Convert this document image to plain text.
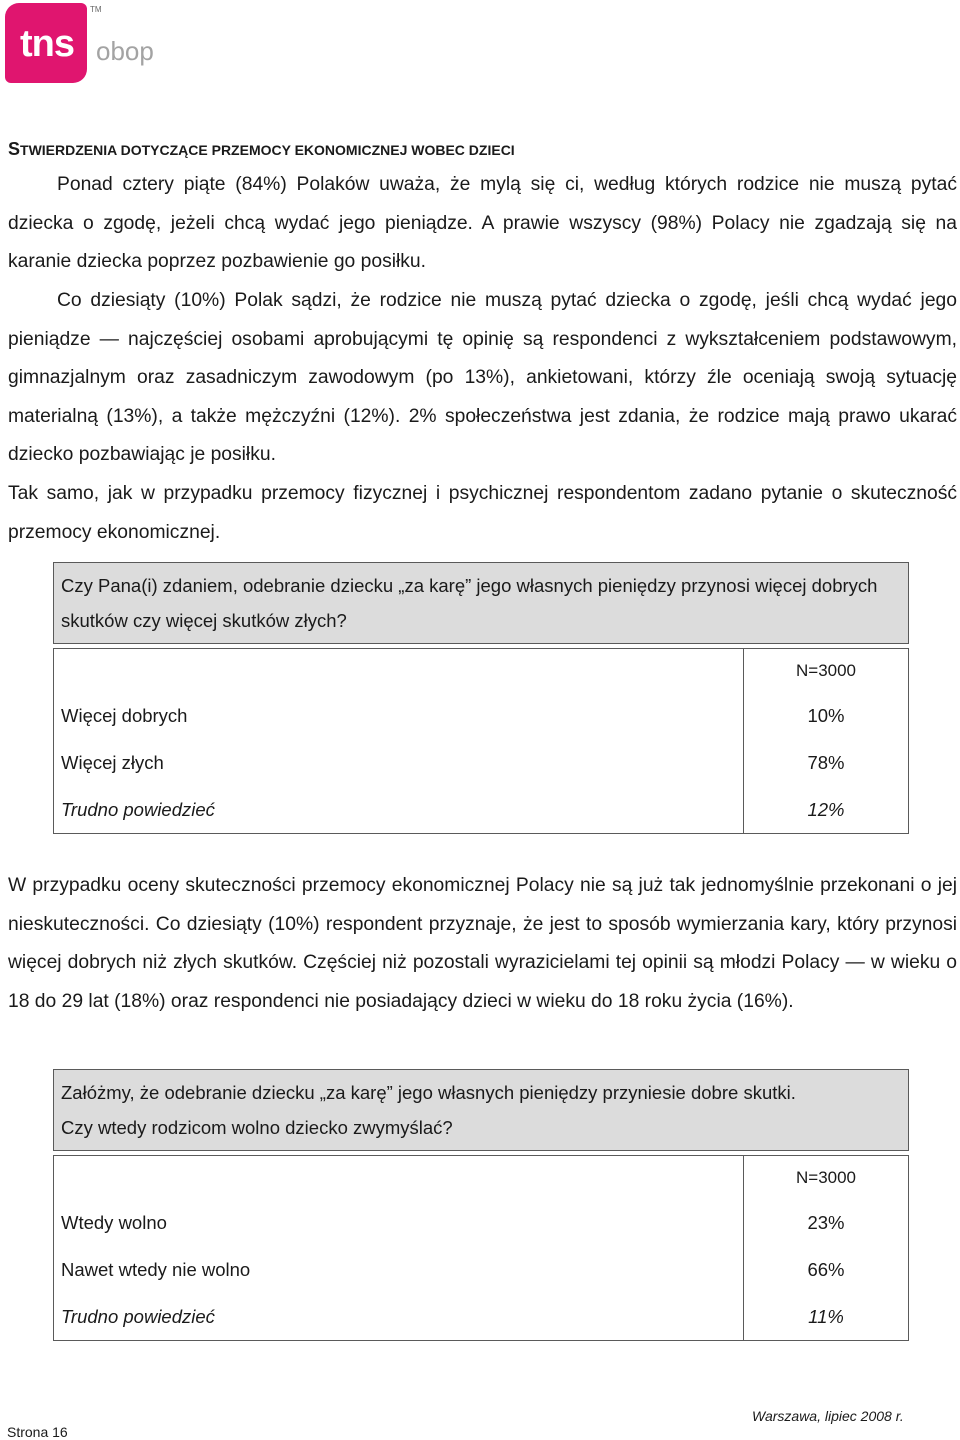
tns
TM
obop
STWIERDZENIA DOTYCZĄCE PRZEMOCY EKONOMICZNEJ WOBEC DZIECI

Ponad cztery piąte (84%) Polaków uważa, że mylą się ci, według których rodzice nie muszą pytać dziecka o zgodę, jeżeli chcą wydać jego pieniądze. A prawie wszyscy (98%) Polacy nie zgadzają się na karanie dziecka poprzez pozbawienie go posiłku.

Co dziesiąty (10%) Polak sądzi, że rodzice nie muszą pytać dziecka o zgodę, jeśli chcą wydać jego pieniądze — najczęściej osobami aprobującymi tę opinię są respondenci z wykształceniem podstawowym, gimnazjalnym oraz zasadniczym zawodowym (po 13%), ankietowani, którzy źle oceniają swoją sytuację materialną (13%), a także mężczyźni (12%). 2% społeczeństwa jest zdania, że rodzice mają prawo ukarać dziecko pozbawiając je posiłku.

Tak samo, jak w przypadku przemocy fizycznej i psychicznej respondentom zadano pytanie o skuteczność przemocy ekonomicznej.

Czy Pana(i) zdaniem, odebranie dziecku „za karę” jego własnych pieniędzy przynosi więcej dobrych skutków czy więcej skutków złych?	

	N=3000
Więcej dobrych	10%
Więcej złych	78%
Trudno powiedzieć	12%

W przypadku oceny skuteczności przemocy ekonomicznej Polacy nie są już tak jednomyślnie przekonani o jej nieskuteczności. Co dziesiąty (10%) respondent przyznaje, że jest to sposób wymierzania kary, który przynosi więcej dobrych niż złych skutków. Częściej niż pozostali wyrazicielami tej opinii są młodzi Polacy — w wieku o 18 do 29 lat (18%) oraz respondenci nie posiadający dzieci w wieku do 18 roku życia (16%).

Załóżmy, że odebranie dziecku „za karę” jego własnych pieniędzy przyniesie dobre skutki.
Czy wtedy rodzicom wolno dziecko zwymyślać?	

	N=3000
Wtedy wolno	23%
Nawet wtedy nie wolno	66%
Trudno powiedzieć	11%
Strona 16
Warszawa, lipiec 2008 r.
